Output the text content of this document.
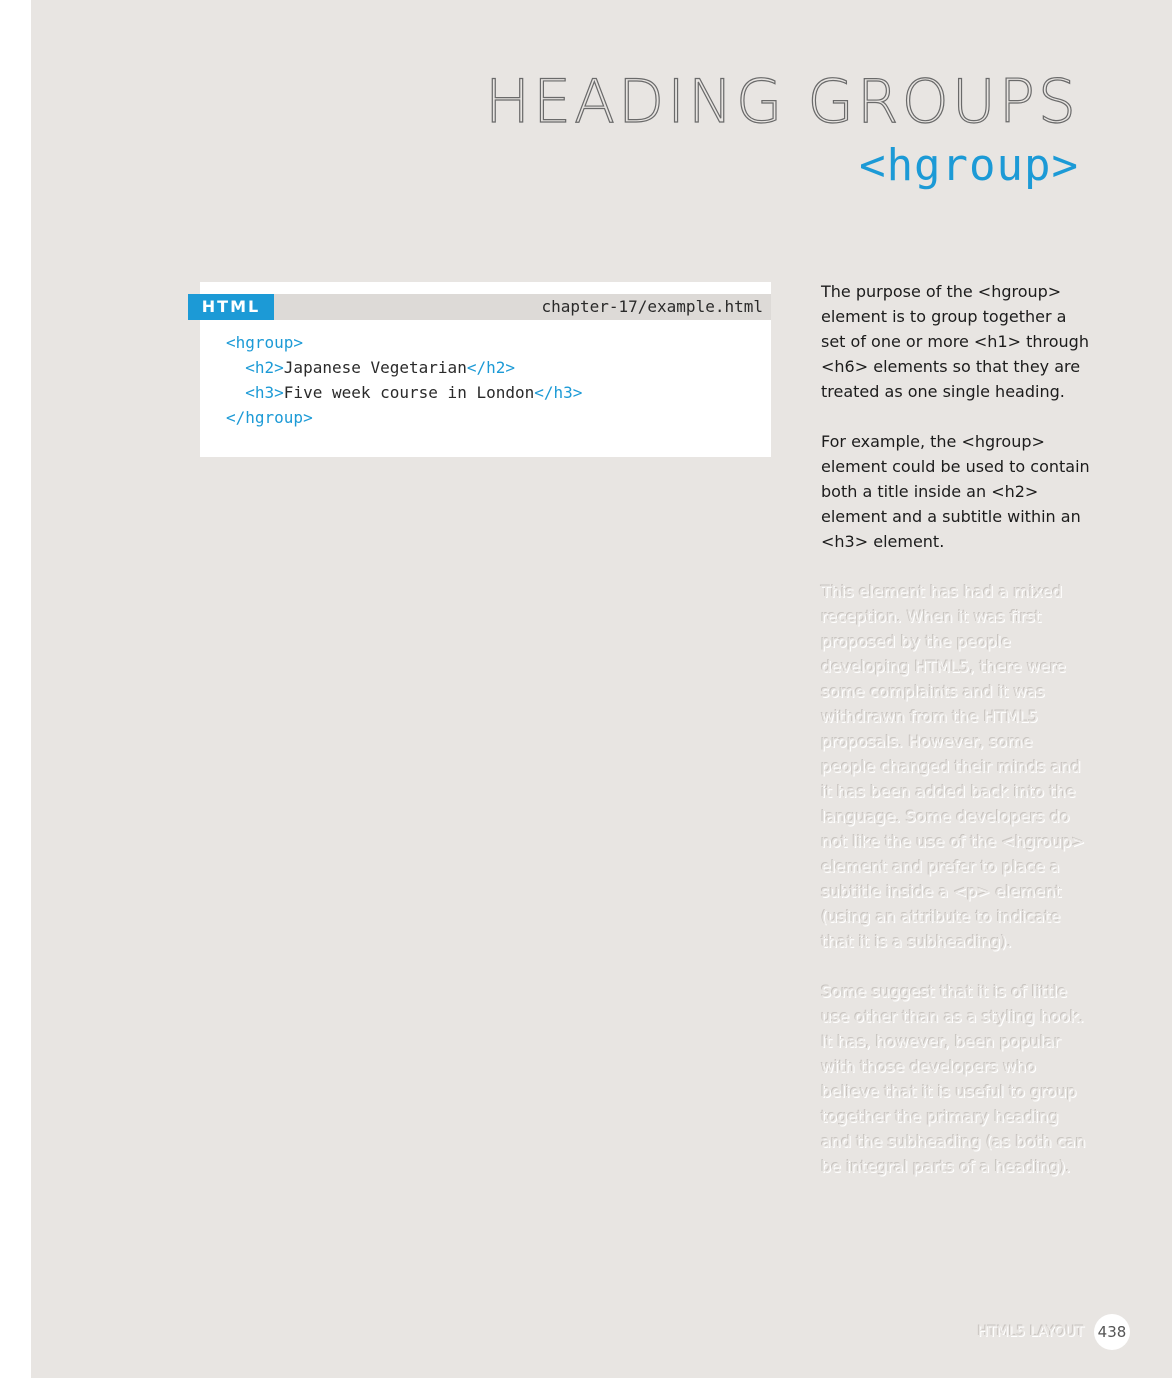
HEADING GROUPS
<hgroup>
HTML	chapter-17/example.html
<hgroup>
<h2>Japanese Vegetarian</h2>
<h3>Five week course in London</h3>
</hgroup>

The purpose of the <hgroup> element is to group together a set of one or more <h1> through <h6> elements so that they are treated as one single heading.

For example, the <hgroup> element could be used to contain both a title inside an <h2> element and a subtitle within an <h3> element.

This element has had a mixed reception. When it was first proposed by the people developing HTML5, there were some complaints and it was withdrawn from the HTML5 proposals. However, some people changed their minds and it has been added back into the language. Some developers do not like the use of the <hgroup> element and prefer to place a subtitle inside a <p> element (using an attribute to indicate that it is a subheading).

Some suggest that it is of little use other than as a styling hook. It has, however, been popular with those developers who believe that it is useful to group together the primary heading and the subheading (as both can be integral parts of a heading).

HTML5 LAYOUT 438
